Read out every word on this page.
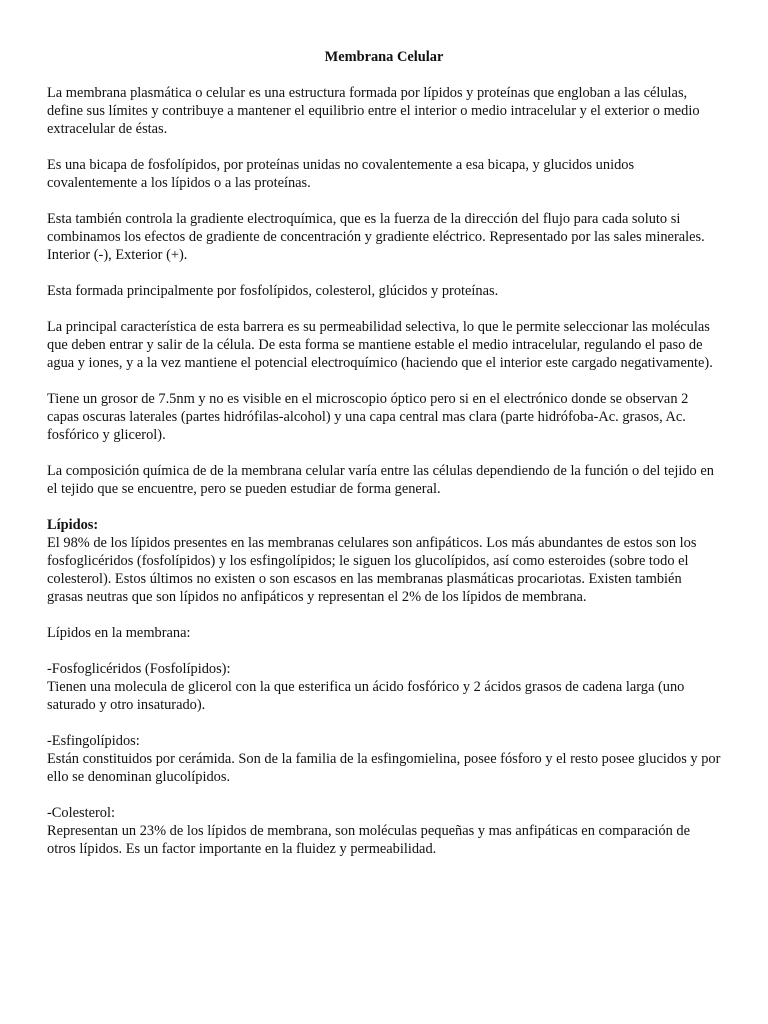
Membrana Celular

La membrana plasmática o celular es una estructura formada por lípidos y proteínas que engloban a las células, define sus límites y contribuye a mantener el equilibrio entre el interior o medio intracelular y el exterior o medio extracelular de éstas.

Es una bicapa de fosfolípidos, por proteínas unidas no covalentemente a esa bicapa, y glucidos unidos covalentemente a los lípidos o a las proteínas.

Esta también controla la gradiente electroquímica, que es la fuerza de la dirección del flujo para cada soluto si combinamos los efectos de gradiente de concentración y gradiente eléctrico. Representado por las sales minerales. Interior (-), Exterior (+).

Esta formada principalmente por fosfolípidos, colesterol, glúcidos y proteínas.

La principal característica de esta barrera es su permeabilidad selectiva, lo que le permite seleccionar las moléculas que deben entrar y salir de la célula. De esta forma se mantiene estable el medio intracelular, regulando el paso de agua y iones, y a la vez mantiene el potencial electroquímico (haciendo que el interior este cargado negativamente).

Tiene un grosor de 7.5nm y no es visible en el microscopio óptico pero si en el electrónico donde se observan 2 capas oscuras laterales (partes hidrófilas-alcohol) y una capa central mas clara (parte hidrófoba-Ac. grasos, Ac. fosfórico y glicerol).

La composición química de de la membrana celular varía entre las células dependiendo de la función o del tejido en el tejido que se encuentre, pero se pueden estudiar de forma general.

Lípidos:

El 98% de los lípidos presentes en las membranas celulares son anfipáticos. Los más abundantes de estos son los fosfoglicéridos (fosfolípidos) y los esfingolípidos; le siguen los glucolípidos, así como esteroides (sobre todo el colesterol). Estos últimos no existen o son escasos en las membranas plasmáticas procariotas. Existen también grasas neutras que son lípidos no anfipáticos y representan el 2% de los lípidos de membrana.

Lípidos en la membrana:

-Fosfoglicéridos (Fosfolípidos):

Tienen una molecula de glicerol con la que esterifica un ácido fosfórico y 2 ácidos grasos de cadena larga (uno saturado y otro insaturado).

-Esfingolípidos:

Están constituidos por cerámida. Son de la familia de la esfingomielina, posee fósforo y el resto posee glucidos y por ello se denominan glucolípidos.

-Colesterol:

Representan un 23% de los lípidos de membrana, son moléculas pequeñas y mas anfipáticas en comparación de otros lípidos. Es un factor importante en la fluidez y permeabilidad.
